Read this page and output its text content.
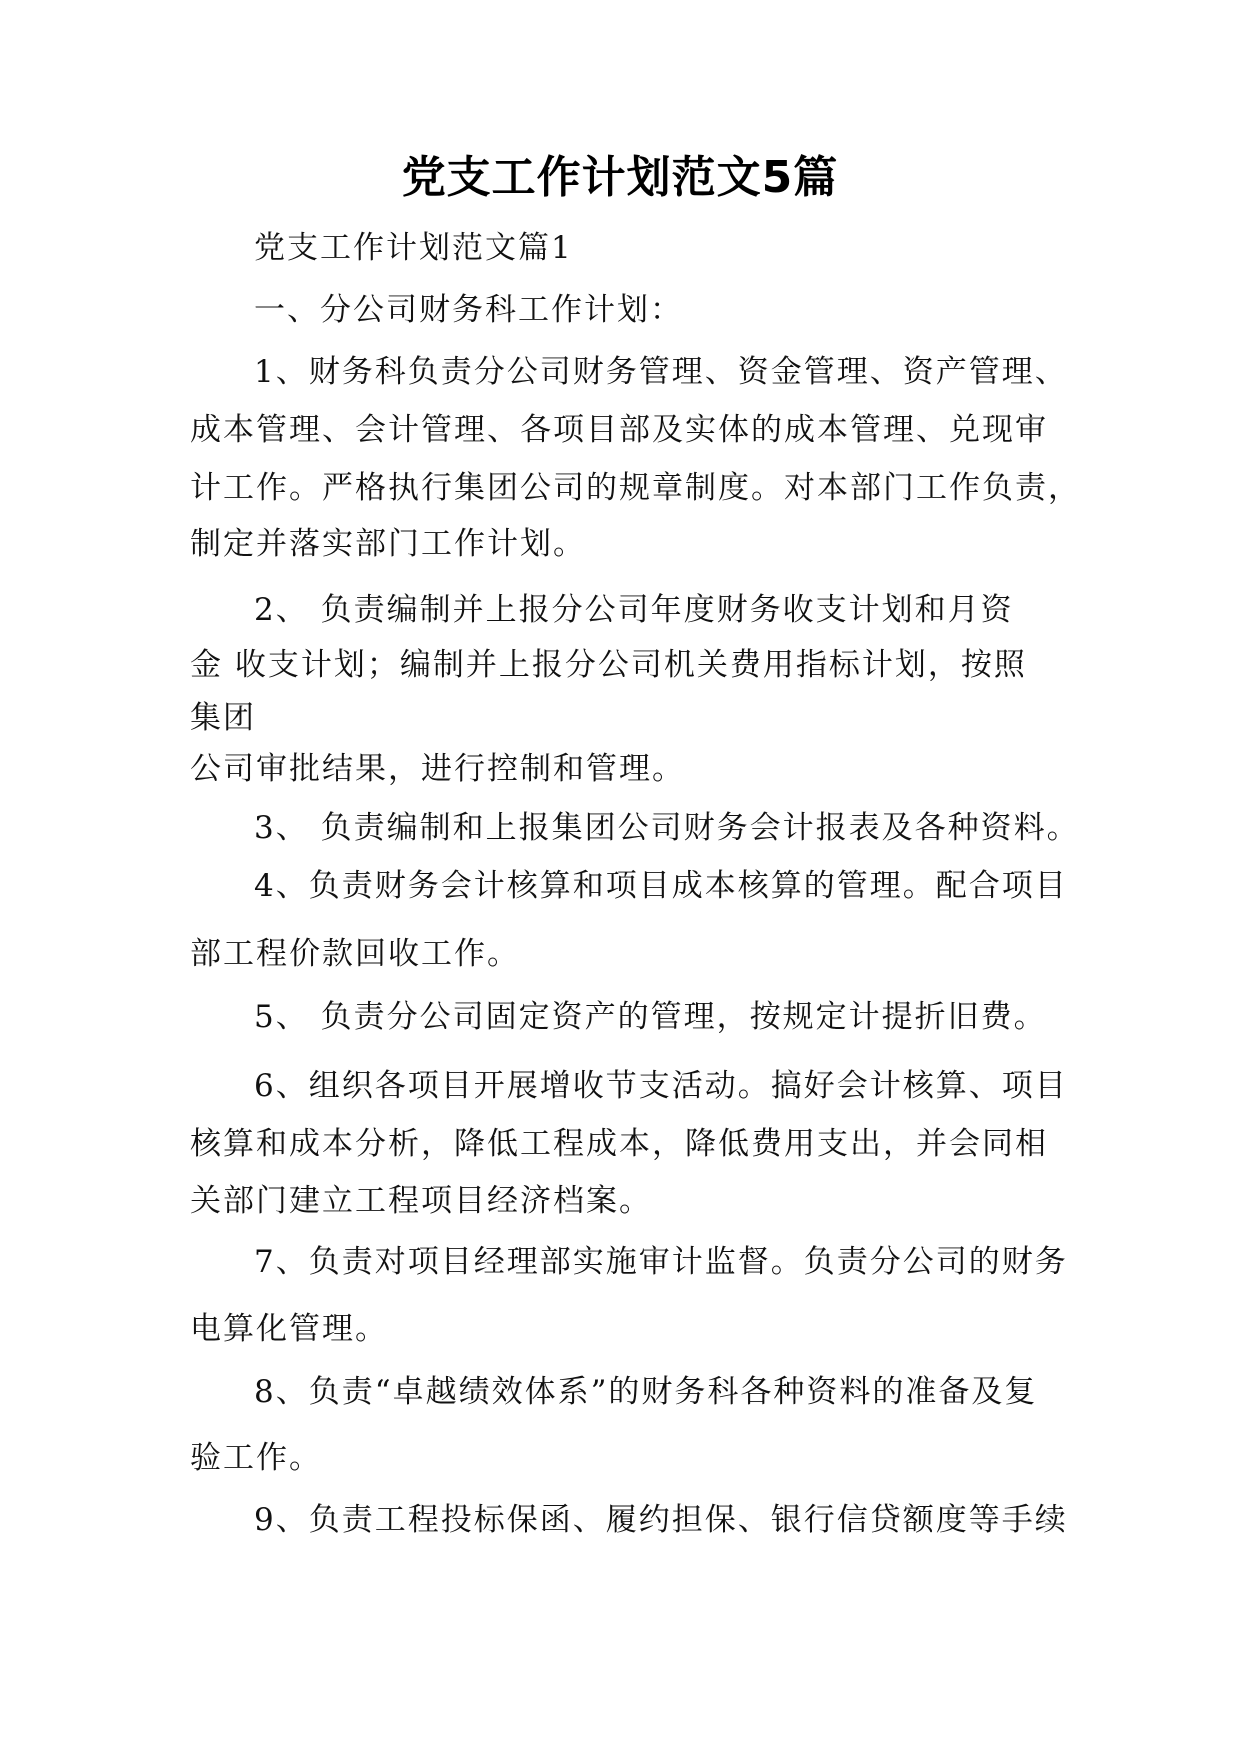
党支工作计划范文5篇
党支工作计划范文篇1
一、分公司财务科工作计划：
1、财务科负责分公司财务管理、资金管理、资产管理、
成本管理、会计管理、各项目部及实体的成本管理、兑现审
计工作。严格执行集团公司的规章制度。对本部门工作负责，
制定并落实部门工作计划。
2、 负责编制并上报分公司年度财务收支计划和月资
金 收支计划；编制并上报分公司机关费用指标计划，按照
集团
公司审批结果，进行控制和管理。
3、 负责编制和上报集团公司财务会计报表及各种资料。
4、负责财务会计核算和项目成本核算的管理。配合项目
部工程价款回收工作。
5、 负责分公司固定资产的管理，按规定计提折旧费。
6、组织各项目开展增收节支活动。搞好会计核算、项目
核算和成本分析，降低工程成本，降低费用支出，并会同相
关部门建立工程项目经济档案。
7、负责对项目经理部实施审计监督。负责分公司的财务
电算化管理。
8、负责“卓越绩效体系”的财务科各种资料的准备及复
验工作。
9、负责工程投标保函、履约担保、银行信贷额度等手续
